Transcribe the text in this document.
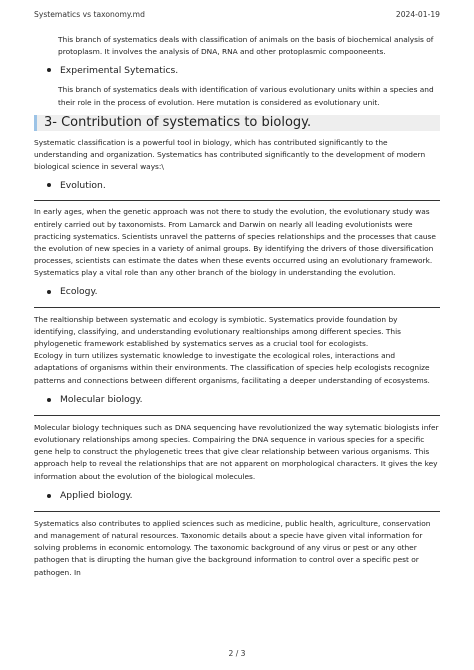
Systematics vs taxonomy.md	2024-01-19

This branch of systematics deals with classification of animals on the basis of biochemical analysis of protoplasm. It involves the analysis of DNA, RNA and other protoplasmic compooneents.

Experimental Sytematics.

This branch of systematics deals with identification of various evolutionary units within a species and their role in the process of evolution. Here mutation is considered as evolutionary unit.

3- Contribution of systematics to biology.

Systematic classification is a powerful tool in biology, which has contributed significantly to the understanding and organization. Systematics has contributed significantly to the development of modern biological science in several ways:\

Evolution.

In early ages, when the genetic approach was not there to study the evolution, the evolutionary study was entirely carried out by taxonomists. From Lamarck and Darwin on nearly all leading evolutionists were practicing systematics. Scientists unravel the patterns of species relationships and the processes that cause the evolution of new species in a variety of animal groups. By identifying the drivers of those diversification processes, scientists can estimate the dates when these events occurred using an evolutionary framework. Systematics play a vital role than any other branch of the biology in understanding the evolution.

Ecology.

The realtionship between systematic and ecology is symbiotic. Systematics provide foundation by identifying, classifying, and understanding evolutionary realtionships among different species. This phylogenetic framework established by systematics serves as a crucial tool for ecologists.

Ecology in turn utilizes systematic knowledge to investigate the ecological roles, interactions and adaptations of organisms within their environments. The classification of species help ecologists recognize patterns and connections between different organisms, facilitating a deeper understanding of ecosystems.

Molecular biology.

Molecular biology techniques such as DNA sequencing have revolutionized the way sytematic biologists infer evolutionary relationships among species. Compairing the DNA sequence in various species for a specific gene help to construct the phylogenetic trees that give clear relationship between various organisms. This approach help to reveal the relationships that are not apparent on morphological characters. It gives the key information about the evolution of the biological molecules.

Applied biology.

Systematics also contributes to applied sciences such as medicine, public health, agriculture, conservation and management of natural resources. Taxonomic details about a specie have given vital information for solving problems in economic entomology. The taxonomic background of any virus or pest or any other pathogen that is dirupting the human give the background information to control over a specific pest or pathogen. In

2 / 3
